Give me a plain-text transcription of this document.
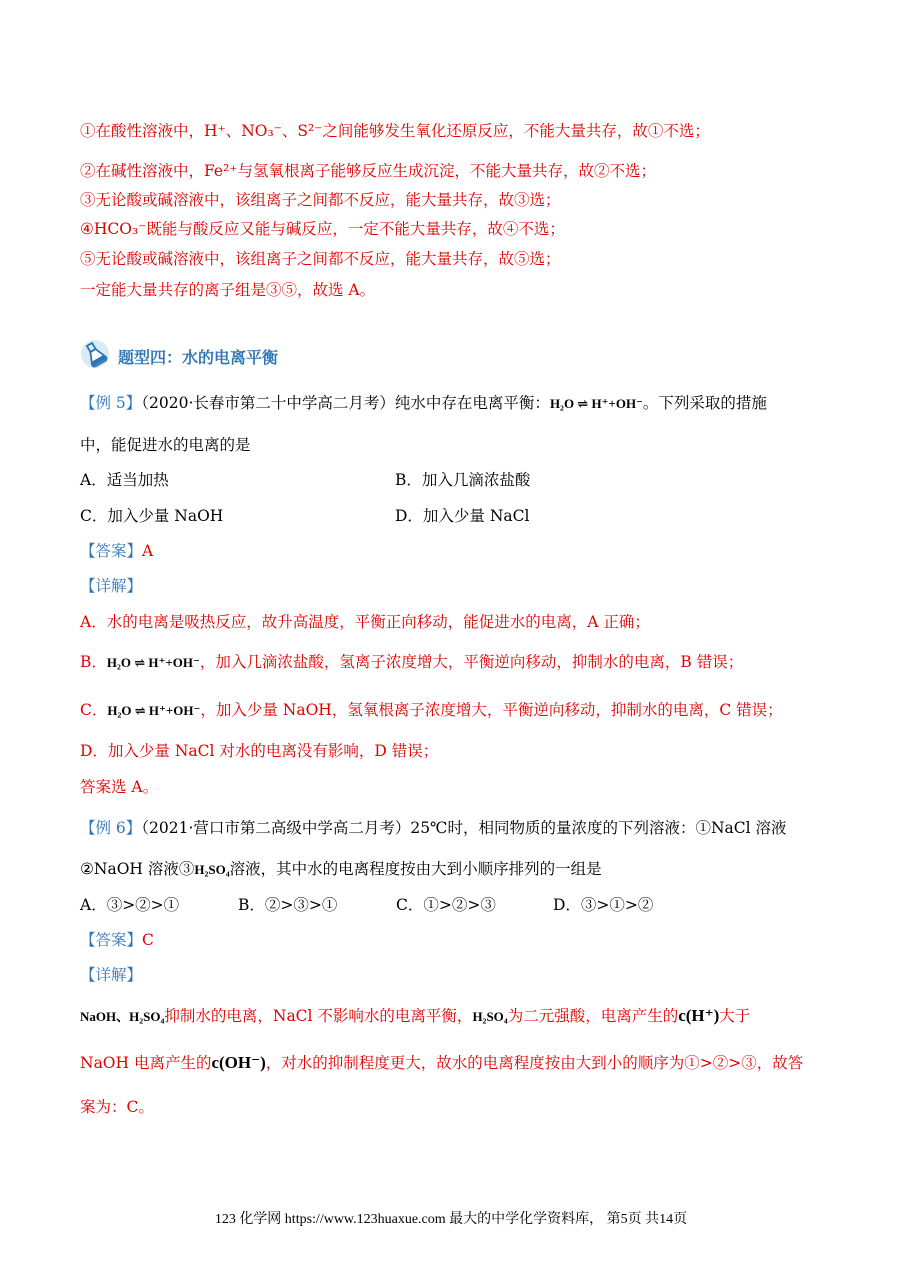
①在酸性溶液中，H⁺、NO₃⁻、S²⁻之间能够发生氧化还原反应，不能大量共存，故①不选；
②在碱性溶液中，Fe²⁺与氢氧根离子能够反应生成沉淀，不能大量共存，故②不选；
③无论酸或碱溶液中，该组离子之间都不反应，能大量共存，故③选；
④HCO₃⁻既能与酸反应又能与碱反应，一定不能大量共存，故④不选；
⑤无论酸或碱溶液中，该组离子之间都不反应，能大量共存，故⑤选；
一定能大量共存的离子组是③⑤，故选 A。
题型四：水的电离平衡
【例 5】（2020·长春市第二十中学高二月考）纯水中存在电离平衡：H₂O ⇌ H⁺+OH⁻。下列采取的措施
中，能促进水的电离的是
A．适当加热	B．加入几滴浓盐酸
C．加入少量 NaOH	D．加入少量 NaCl
【答案】A
【详解】
A．水的电离是吸热反应，故升高温度，平衡正向移动，能促进水的电离，A 正确；
B．H₂O ⇌ H⁺+OH⁻，加入几滴浓盐酸，氢离子浓度增大，平衡逆向移动，抑制水的电离，B 错误；
C．H₂O ⇌ H⁺+OH⁻，加入少量 NaOH，氢氧根离子浓度增大，平衡逆向移动，抑制水的电离，C 错误；
D．加入少量 NaCl 对水的电离没有影响，D 错误；
答案选 A。
【例 6】（2021·营口市第二高级中学高二月考）25℃时，相同物质的量浓度的下列溶液：①NaCl 溶液
②NaOH 溶液③H₂SO₄溶液，其中水的电离程度按由大到小顺序排列的一组是
A．③>②>①	B．②>③>①	C．①>②>③	D．③>①>②
【答案】C
【详解】
NaOH、H₂SO₄抑制水的电离，NaCl 不影响水的电离平衡，H₂SO₄为二元强酸，电离产生的c(H⁺)大于
NaOH 电离产生的c(OH⁻)，对水的抑制程度更大，故水的电离程度按由大到小的顺序为①>②>③，故答
案为：C。
123 化学网 https://www.123huaxue.com 最大的中学化学资料库， 第5页 共14页
